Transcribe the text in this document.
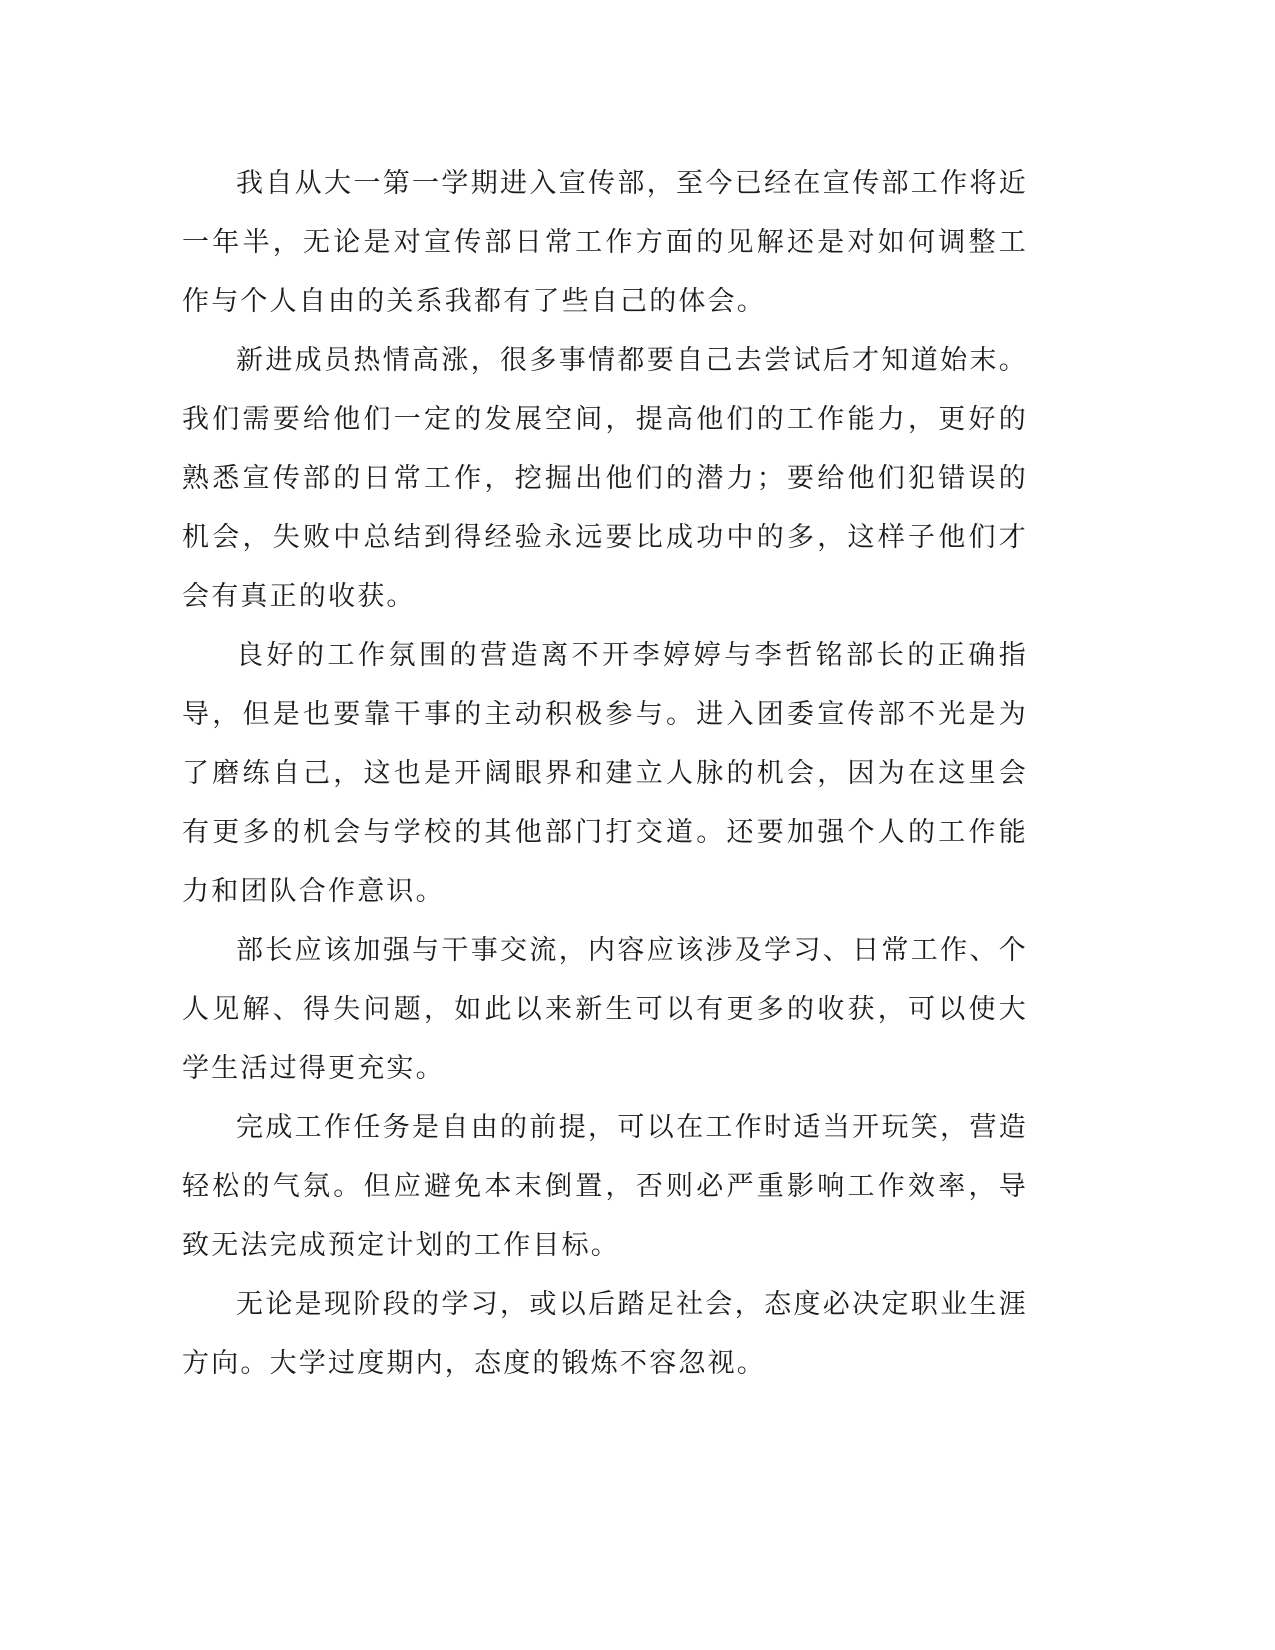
我自从大一第一学期进入宣传部，至今已经在宣传部工作将近一年半，无论是对宣传部日常工作方面的见解还是对如何调整工作与个人自由的关系我都有了些自己的体会。

新进成员热情高涨，很多事情都要自己去尝试后才知道始末。我们需要给他们一定的发展空间，提高他们的工作能力，更好的熟悉宣传部的日常工作，挖掘出他们的潜力；要给他们犯错误的机会，失败中总结到得经验永远要比成功中的多，这样子他们才会有真正的收获。

良好的工作氛围的营造离不开李婷婷与李哲铭部长的正确指导，但是也要靠干事的主动积极参与。进入团委宣传部不光是为了磨练自己，这也是开阔眼界和建立人脉的机会，因为在这里会有更多的机会与学校的其他部门打交道。还要加强个人的工作能力和团队合作意识。

部长应该加强与干事交流，内容应该涉及学习、日常工作、个人见解、得失问题，如此以来新生可以有更多的收获，可以使大学生活过得更充实。

完成工作任务是自由的前提，可以在工作时适当开玩笑，营造轻松的气氛。但应避免本末倒置，否则必严重影响工作效率，导致无法完成预定计划的工作目标。

无论是现阶段的学习，或以后踏足社会，态度必决定职业生涯方向。大学过度期内，态度的锻炼不容忽视。
